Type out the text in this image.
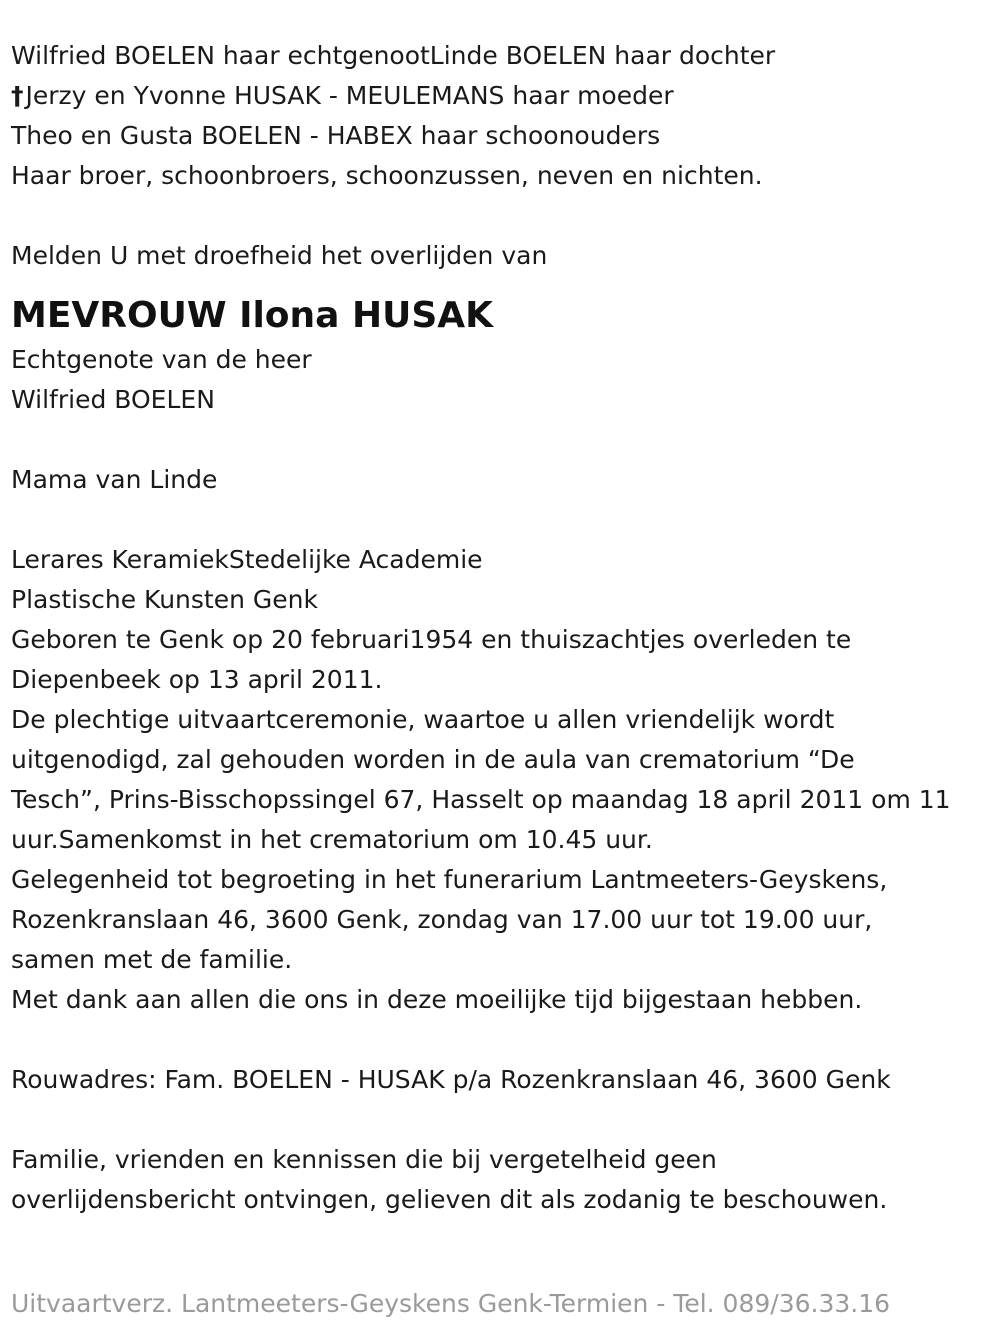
Wilfried BOELEN haar echtgenootLinde BOELEN haar dochter
†Jerzy en Yvonne HUSAK - MEULEMANS haar moeder
Theo en Gusta BOELEN - HABEX haar schoonouders
Haar broer, schoonbroers, schoonzussen, neven en nichten.
Melden U met droefheid het overlijden van
MEVROUW Ilona HUSAK
Echtgenote van de heer
Wilfried BOELEN
Mama van Linde
Lerares KeramiekStedelijke Academie
Plastische Kunsten Genk
Geboren te Genk op 20 februari1954 en thuiszachtjes overleden te
Diepenbeek op 13 april 2011.
De plechtige uitvaartceremonie, waartoe u allen vriendelijk wordt
uitgenodigd, zal gehouden worden in de aula van crematorium “De
Tesch”, Prins-Bisschopssingel 67, Hasselt op maandag 18 april 2011 om 11
uur.Samenkomst in het crematorium om 10.45 uur.
Gelegenheid tot begroeting in het funerarium Lantmeeters-Geyskens,
Rozenkranslaan 46, 3600 Genk, zondag van 17.00 uur tot 19.00 uur,
samen met de familie.
Met dank aan allen die ons in deze moeilijke tijd bijgestaan hebben.
Rouwadres: Fam. BOELEN - HUSAK p/a Rozenkranslaan 46, 3600 Genk
Familie, vrienden en kennissen die bij vergetelheid geen
overlijdensbericht ontvingen, gelieven dit als zodanig te beschouwen.
Uitvaartverz. Lantmeeters-Geyskens Genk-Termien - Tel. 089/36.33.16
